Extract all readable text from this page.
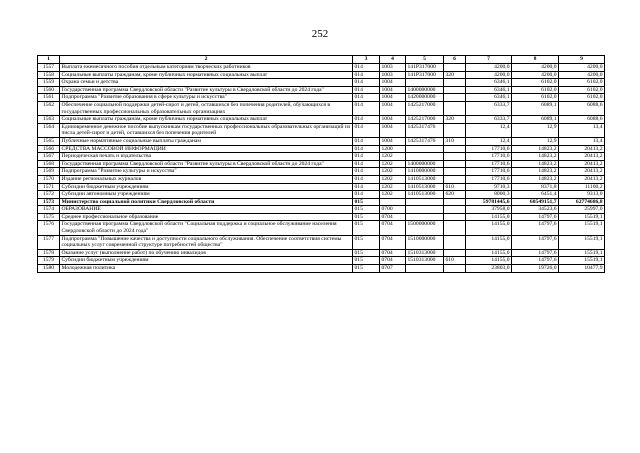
252
1	2	3	4	5	6	7	8	9
1557	Выплата ежемесячного пособия отдельным категориям творческих работников	014	1003	141P317000		4200,0	4200,0	4200,0
1558	Социальные выплаты гражданам, кроме публичных нормативных социальных выплат	014	1003	141P317000	320	4200,0	4200,0	4200,0
1559	Охрана семьи и детства	014	1004			6346,1	6102,0	6102,0
1560	Государственная программа Свердловской области "Развитие культуры в Свердловской области до 2024 года"	014	1004	1400000000		6346,1	6102,0	6102,0
1561	Подпрограмма "Развитие образования в сфере культуры и искусства"	014	1004	1420000000		6346,1	6102,0	6102,0
1562	Обеспечение социальной поддержки детей-сирот и детей, оставшихся без попечения родителей, обучающихся в государственных профессиональных образовательных организациях	014	1004	1425217000		6333,7	6089,1	6088,6
1563	Социальные выплаты гражданам, кроме публичных нормативных социальных выплат	014	1004	1425217000	320	6333,7	6089,1	6088,6
1564	Единовременное денежное пособие выпускникам государственных профессиональных образовательных организаций из числа детей-сирот и детей, оставшихся без попечения родителей	014	1004	1425317476		12,4	12,9	13,4
1565	Публичные нормативные социальные выплаты гражданам	014	1004	1425317476	310	12,4	12,9	13,4
1566	СРЕДСТВА МАССОВОЙ ИНФОРМАЦИИ	014	1200			17710,6	14823,2	20413,2
1567	Периодическая печать и издательства	014	1202			17710,6	14823,2	20413,2
1568	Государственная программа Свердловской области "Развитие культуры в Свердловской области до 2024 года"	014	1202	1400000000		17710,6	14823,2	20413,2
1569	Подпрограмма "Развитие культуры и искусства"	014	1202	1410000000		17710,6	14823,2	20413,2
1570	Издание региональных журналов	014	1202	1410513000		17710,6	14823,2	20413,2
1571	Субсидии бюджетным учреждениям	014	1202	1410513000	610	9710,3	8371,8	11100,2
1572	Субсидии автономным учреждениям	014	1202	1410513000	620	8000,3	6451,4	9313,0
1573	Министерство социальной политики Свердловской области	015				59781445,6	60549151,7	62774686,8
1574	ОБРАЗОВАНИЕ	015	0700			37958,0	34523,6	25997,0
1575	Среднее профессиональное образование	015	0704			14155,0	14797,6	15519,1
1576	Государственная программа Свердловской области "Социальная поддержка и социальное обслуживание населения Свердловской области до 2024 года"	015	0704	1500000000		14155,0	14797,6	15519,1
1577	Подпрограмма "Повышение качества и доступности социального обслуживания. Обеспечение соответствия системы социальных услуг современной структуре потребностей общества"	015	0704	1510000000		14155,0	14797,6	15519,1
1578	Оказание услуг (выполнение работ) по обучению инвалидов	015	0704	1510313000		14155,0	14797,6	15519,1
1579	Субсидии бюджетным учреждениям	015	0704	1510313000	610	14155,0	14797,6	15519,1
1580	Молодежная политика	015	0707			23803,0	19726,0	10477,9
